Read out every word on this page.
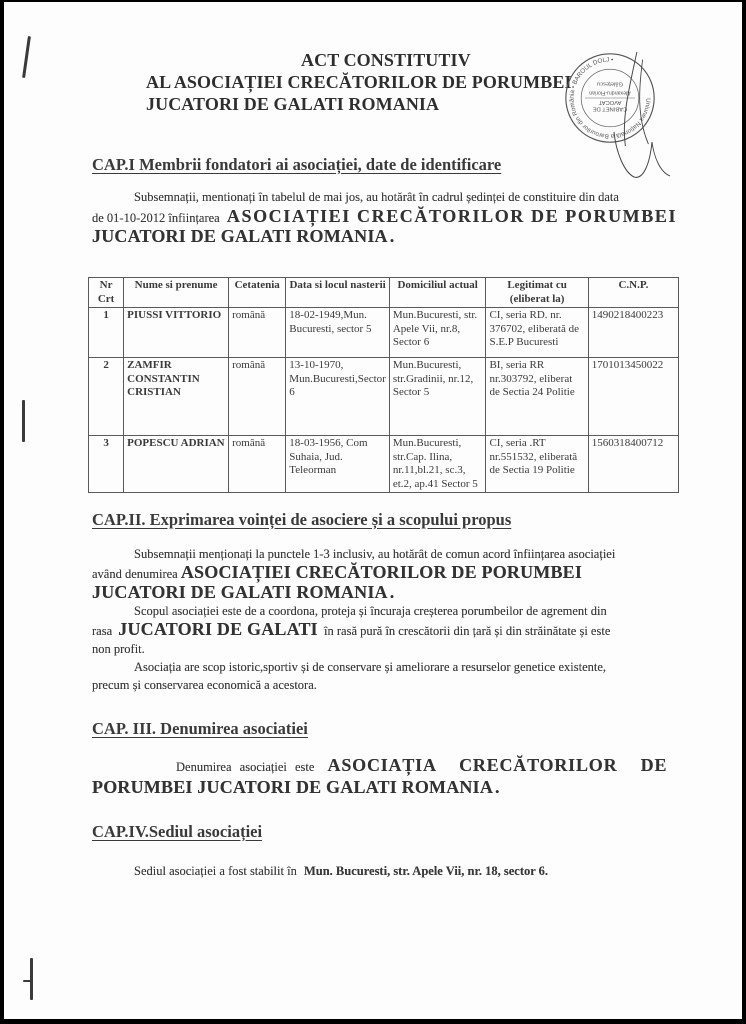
ACT CONSTITUTIV
AL ASOCIAȚIEI CRECĂTORILOR DE PORUMBEI
JUCATORI DE GALATI ROMANIA	Uniunea Națională a Barourilor din România • BAROUL DOLJ •
CABINET DE
AVOCAT
Alexandru-Florian
Gălețescu
CAP.I Membrii fondatori ai asociației, date de identificare
Subsemnații, mentionați în tabelul de mai jos, au hotărât în cadrul ședinței de constituire din data
de 01-10-2012 înființarea ASOCIAȚIEI CRECĂTORILOR DE PORUMBEI
JUCATORI DE GALATI ROMANIA .
Nr Crt	Nume si prenume	Cetatenia	Data si locul nasterii	Domiciliul actual	Legitimat cu (eliberat la)	C.N.P.
1	PIUSSI VITTORIO	română	18-02-1949,Mun. Bucuresti, sector 5	Mun.Bucuresti, str. Apele Vii, nr.8, Sector 6	CI, seria RD. nr. 376702, eliberată de S.E.P Bucuresti	1490218400223
2	ZAMFIR CONSTANTIN CRISTIAN	română	13-10-1970, Mun.Bucuresti,Sector 6	Mun.Bucuresti, str.Gradinii, nr.12, Sector 5	BI, seria RR nr.303792, eliberat de Sectia 24 Politie	1701013450022
3	POPESCU ADRIAN	română	18-03-1956, Com Suhaia, Jud. Teleorman	Mun.Bucuresti, str.Cap. Ilina, nr.11,bl.21, sc.3, et.2, ap.41 Sector 5	CI, seria .RT nr.551532, eliberată de Sectia 19 Politie	1560318400712
CAP.II. Exprimarea voinței de asociere și a scopului propus
Subsemnații menționați la punctele 1-3 inclusiv, au hotărât de comun acord înființarea asociației
având denumirea ASOCIAȚIEI CRECĂTORILOR DE PORUMBEI
JUCATORI DE GALATI ROMANIA .
Scopul asociației este de a coordona, proteja și încuraja creșterea porumbeilor de agrement din
rasa JUCATORI DE GALATI în rasă pură în crescătorii din țară și din străinătate și este
non profit.
Asociația are scop istoric,sportiv și de conservare și ameliorare a resurselor genetice existente,
precum și conservarea economică a acestora.
CAP. III. Denumirea asociatiei
Denumirea asociației este ASOCIAȚIA CRECĂTORILOR DE
PORUMBEI JUCATORI DE GALATI ROMANIA .
CAP.IV.Sediul asociației
Sediul asociației a fost stabilit în Mun. Bucuresti, str. Apele Vii, nr. 18, sector 6.
